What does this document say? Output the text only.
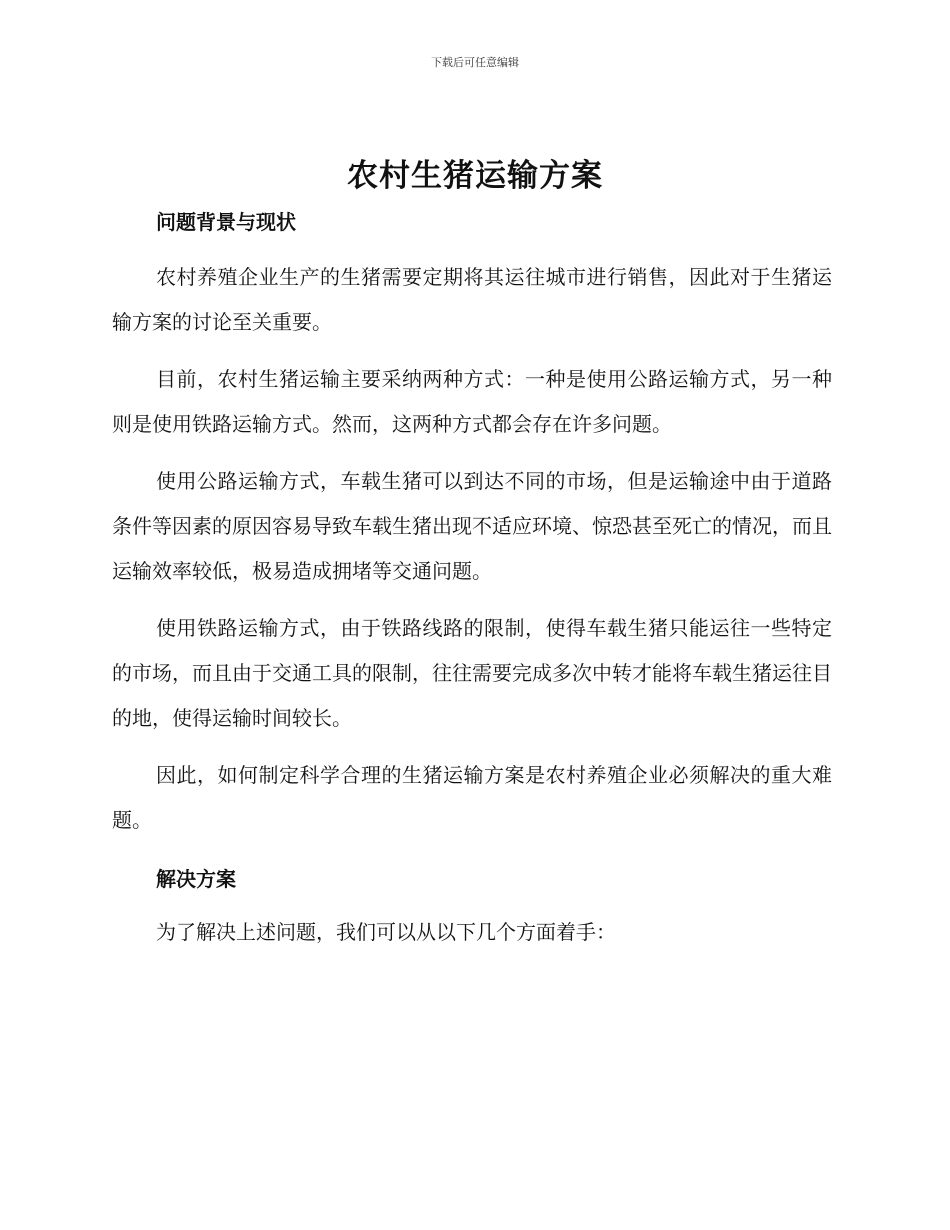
下载后可任意编辑
农村生猪运输方案
问题背景与现状

农村养殖企业生产的生猪需要定期将其运往城市进行销售，因此对于生猪运输方案的讨论至关重要。

目前，农村生猪运输主要采纳两种方式：一种是使用公路运输方式，另一种则是使用铁路运输方式。然而，这两种方式都会存在许多问题。

使用公路运输方式，车载生猪可以到达不同的市场，但是运输途中由于道路条件等因素的原因容易导致车载生猪出现不适应环境、惊恐甚至死亡的情况，而且运输效率较低，极易造成拥堵等交通问题。

使用铁路运输方式，由于铁路线路的限制，使得车载生猪只能运往一些特定的市场，而且由于交通工具的限制，往往需要完成多次中转才能将车载生猪运往目的地，使得运输时间较长。

因此，如何制定科学合理的生猪运输方案是农村养殖企业必须解决的重大难题。

解决方案

为了解决上述问题，我们可以从以下几个方面着手：
